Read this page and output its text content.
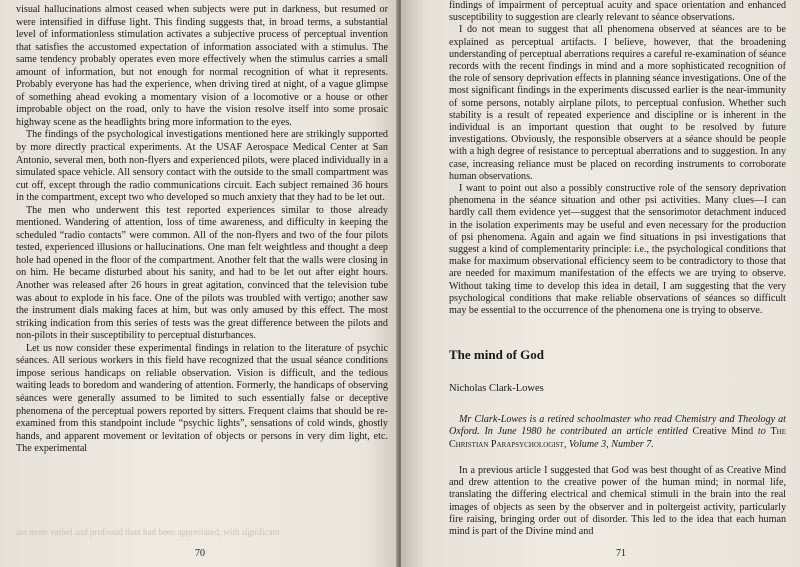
visual hallucinations almost ceased when subjects were put in darkness, but resumed or were intensified in diffuse light. This finding suggests that, in broad terms, a substantial level of informationless stimulation activates a subjective process of perceptual invention that satisfies the accustomed expectation of information associated with a stimulus. The same tendency probably operates even more effectively when the stimulus carries a small amount of information, but not enough for normal recognition of what it represents. Probably everyone has had the experience, when driving tired at night, of a vague glimpse of something ahead evoking a momentary vision of a locomotive or a house or other improbable object on the road, only to have the vision resolve itself into some prosaic highway scene as the headlights bring more information to the eyes.

The findings of the psychological investigations mentioned here are strikingly supported by more directly practical experiments. At the USAF Aerospace Medical Center at San Antonio, several men, both non-flyers and experienced pilots, were placed individually in a simulated space vehicle. All sensory contact with the outside to the small compartment was cut off, except through the radio communications circuit. Each subject remained 36 hours in the compartment, except two who developed so much anxiety that they had to be let out.

The men who underwent this test reported experiences similar to those already mentioned. Wandering of attention, loss of time awareness, and difficulty in keeping the scheduled “radio contacts” were common. All of the non-flyers and two of the four pilots tested, experienced illusions or hallucinations. One man felt weightless and thought a deep hole had opened in the floor of the compartment. Another felt that the walls were closing in on him. He became disturbed about his sanity, and had to be let out after eight hours. Another was released after 26 hours in great agitation, convinced that the television tube was about to explode in his face. One of the pilots was troubled with vertigo; another saw the instrument dials making faces at him, but was only amused by this effect. The most striking indication from this series of tests was the great difference between the pilots and non-pilots in their susceptibility to perceptual disturbances.

Let us now consider these experimental findings in relation to the literature of psychic séances. All serious workers in this field have recognized that the usual séance conditions impose serious handicaps on reliable observation. Vision is difficult, and the tedious waiting leads to boredom and wandering of attention. Formerly, the handicaps of observing séances were generally assumed to be limited to such essentially false or deceptive phenomena of the perceptual powers reported by sitters. Frequent claims that should be re-examined from this standpoint include “psychic lights”, sensations of cold winds, ghostly hands, and apparent movement or levitation of objects or persons in very dim light, etc. The experimental

are more varied and profound than had been appreciated, with significant
70

findings of impairment of perceptual acuity and space orientation and enhanced susceptibility to suggestion are clearly relevant to séance observations.

I do not mean to suggest that all phenomena observed at séances are to be explained as perceptual artifacts. I believe, however, that the broadening understanding of perceptual aberrations requires a careful re-examination of séance records with the recent findings in mind and a more sophisticated recognition of the role of sensory deprivation effects in planning séance investigations. One of the most significant findings in the experiments discussed earlier is the near-immunity of some persons, notably airplane pilots, to perceptual confusion. Whether such stability is a result of repeated experience and discipline or is inherent in the individual is an important question that ought to be resolved by future investigations. Obviously, the responsible observers at a séance should be people with a high degree of resistance to perceptual aberrations and to suggestion. In any case, increasing reliance must be placed on recording instruments to corroborate human observations.

I want to point out also a possibly constructive role of the sensory deprivation phenomena in the séance situation and other psi activities. Many clues—I can hardly call them evidence yet—suggest that the sensorimotor detachment induced in the isolation experiments may be useful and even necessary for the production of psi phenomena. Again and again we find situations in psi investigations that suggest a kind of complementarity principle: i.e., the psychological conditions that make for maximum observational efficiency seem to be contradictory to those that are needed for maximum manifestation of the effects we are trying to observe. Without taking time to develop this idea in detail, I am suggesting that the very psychological conditions that make reliable observations of séances so difficult may be essential to the occurrence of the phenomena one is trying to observe.

The mind of God
Nicholas Clark-Lowes

Mr Clark-Lowes is a retired schoolmaster who read Chemistry and Theology at Oxford. In June 1980 he contributed an article entitled Creative Mind to The Christian Parapsychologist, Volume 3, Number 7.

In a previous article I suggested that God was best thought of as Creative Mind and drew attention to the creative power of the human mind; in normal life, translating the differing electrical and chemical stimuli in the brain into the real images of objects as seen by the observer and in poltergeist activity, particularly fire raising, bringing order out of disorder. This led to the idea that each human mind is part of the Divine mind and

71
